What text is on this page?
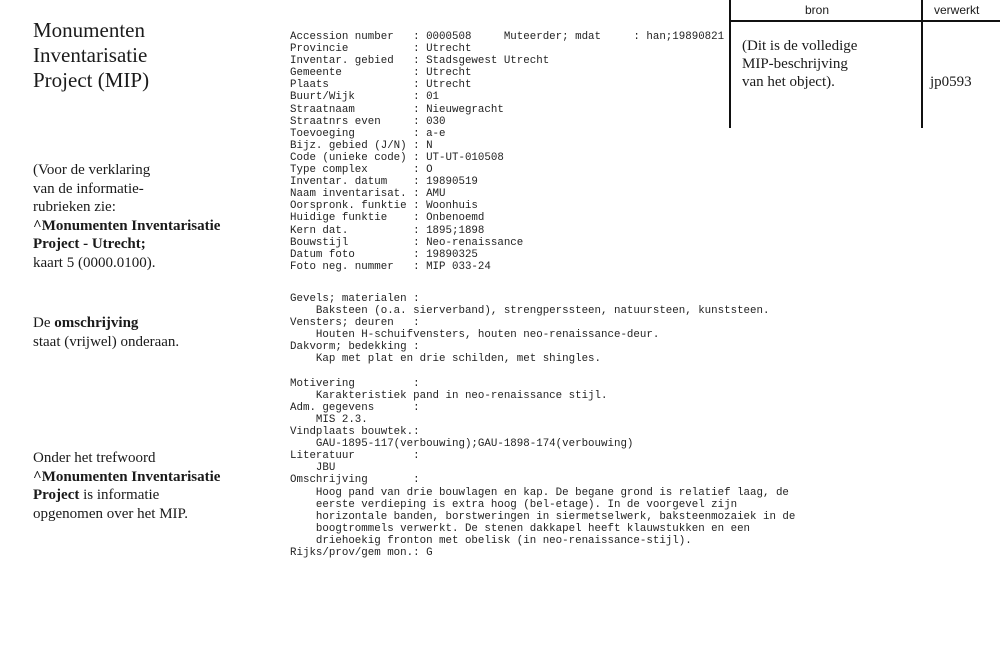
Monumenten
Inventarisatie
Project (MIP)
(Voor de verklaring
van de informatie-
rubrieken zie:
^Monumenten Inventarisatie
Project - Utrecht;
kaart 5 (0000.0100).
De omschrijving
staat (vrijwel) onderaan.
Onder het trefwoord
^Monumenten Inventarisatie
Project is informatie
opgenomen over het MIP.
bron	verwerkt
(Dit is de volledige
MIP-beschrijving
van het object).	jp0593
Accession number   : 0000508     Muteerder; mdat     : han;19890821
Provincie          : Utrecht
Inventar. gebied   : Stadsgewest Utrecht
Gemeente           : Utrecht
Plaats             : Utrecht
Buurt/Wijk         : 01
Straatnaam         : Nieuwegracht
Straatnrs even     : 030
Toevoeging         : a-e
Bijz. gebied (J/N) : N
Code (unieke code) : UT-UT-010508
Type complex       : O
Inventar. datum    : 19890519
Naam inventarisat. : AMU
Oorspronk. funktie : Woonhuis
Huidige funktie    : Onbenoemd
Kern dat.          : 1895;1898
Bouwstijl          : Neo-renaissance
Datum foto         : 19890325
Foto neg. nummer   : MIP 033-24
Gevels; materialen :
Baksteen (o.a. sierverband), strengperssteen, natuursteen, kunststeen.
Vensters; deuren   :
Houten H-schuifvensters, houten neo-renaissance-deur.
Dakvorm; bedekking :
Kap met plat en drie schilden, met shingles.
Motivering         :
Karakteristiek pand in neo-renaissance stijl.
Adm. gegevens      :
MIS 2.3.
Vindplaats bouwtek.:
GAU-1895-117(verbouwing);GAU-1898-174(verbouwing)
Literatuur         :
JBU
Omschrijving       :
Hoog pand van drie bouwlagen en kap. De begane grond is relatief laag, de
eerste verdieping is extra hoog (bel-etage). In de voorgevel zijn
horizontale banden, borstweringen in siermetselwerk, baksteenmozaiek in de
boogtrommels verwerkt. De stenen dakkapel heeft klauwstukken en een
driehoekig fronton met obelisk (in neo-renaissance-stijl).
Rijks/prov/gem mon.: G
